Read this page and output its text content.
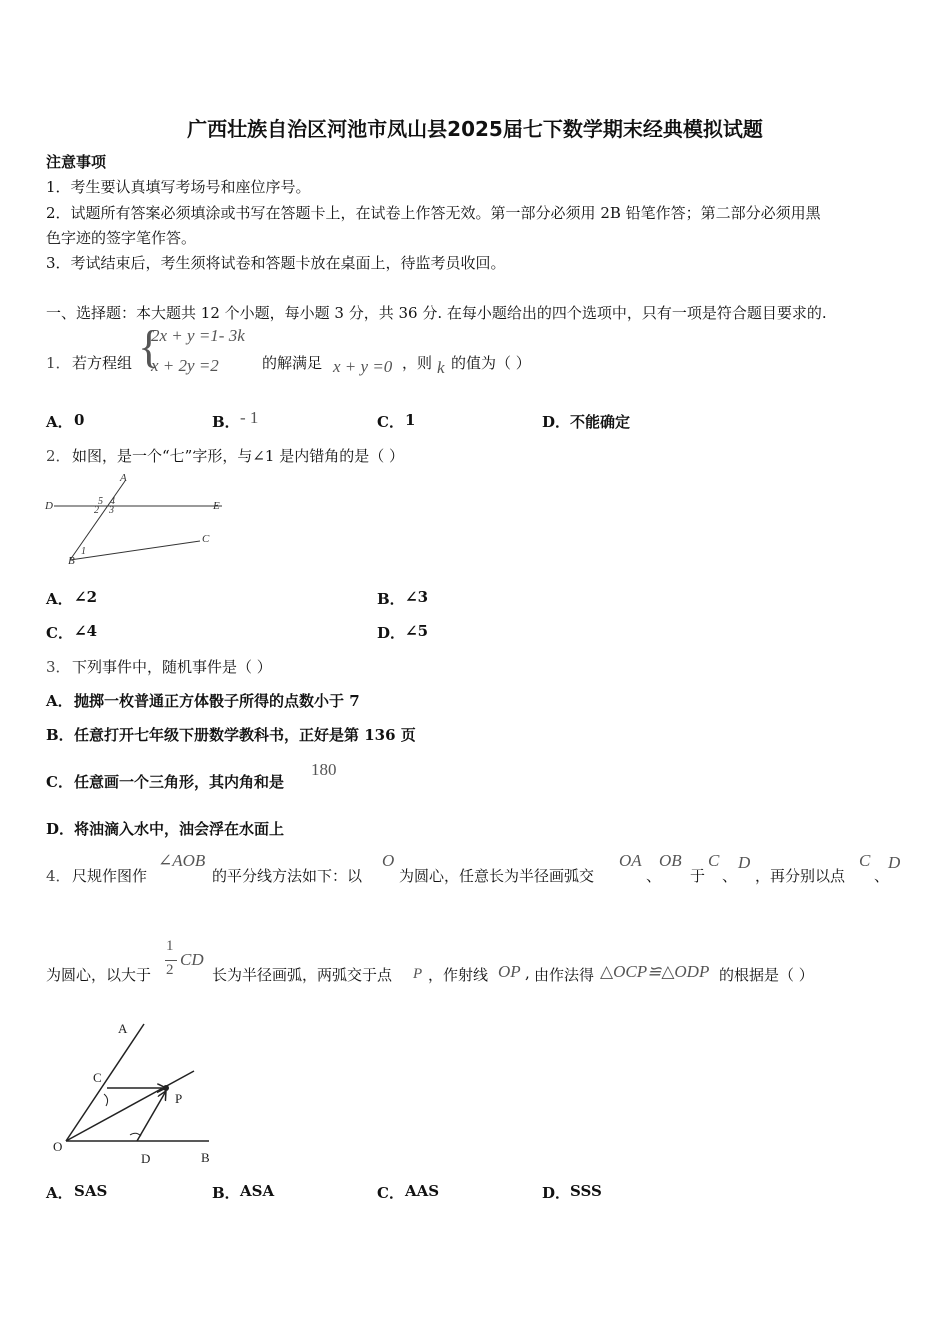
广西壮族自治区河池市凤山县2025届七下数学期末经典模拟试题
注意事项
1．考生要认真填写考场号和座位序号。
2．试题所有答案必须填涂或书写在答题卡上，在试卷上作答无效。第一部分必须用 2B 铅笔作答；第二部分必须用黑
色字迹的签字笔作答。
3．考试结束后，考生须将试卷和答题卡放在桌面上，待监考员收回。
一、选择题：本大题共 12 个小题，每小题 3 分，共 36 分. 在每小题给出的四个选项中，只有一项是符合题目要求的.
1． 若方程组 {
2x + y =1- 3k
x + 2y =2	的解满足 x + y =0 ，则 k 的值为（ ）
A． 0	B． - 1	C． 1	D． 不能确定
2． 如图，是一个“七”字形，与∠1 是内错角的是（ ）
A
D	E
5 4
2 3
1
B
C
A． ∠2	B． ∠3
C． ∠4	D． ∠5
3． 下列事件中，随机事件是（ ）
A． 抛掷一枚普通正方体骰子所得的点数小于 7
B． 任意打开七年级下册数学教科书，正好是第 136 页
C． 任意画一个三角形，其内角和是
180
D． 将油滴入水中，油会浮在水面上
4． 尺规作图作
∠AOB
的平分线方法如下：以
O
为圆心，任意长为半径画弧交
OA
、
OB
于
C
、
D
，再分别以点
C
、
D
为圆心，以大于
1
2
CD
长为半径画弧，两弧交于点 P ，作射线 OP , 由作法得 △OCP≌△ODP 的根据是（ ）
A
C
P
O
D	B
A． SAS	B． ASA	C． AAS	D． SSS
